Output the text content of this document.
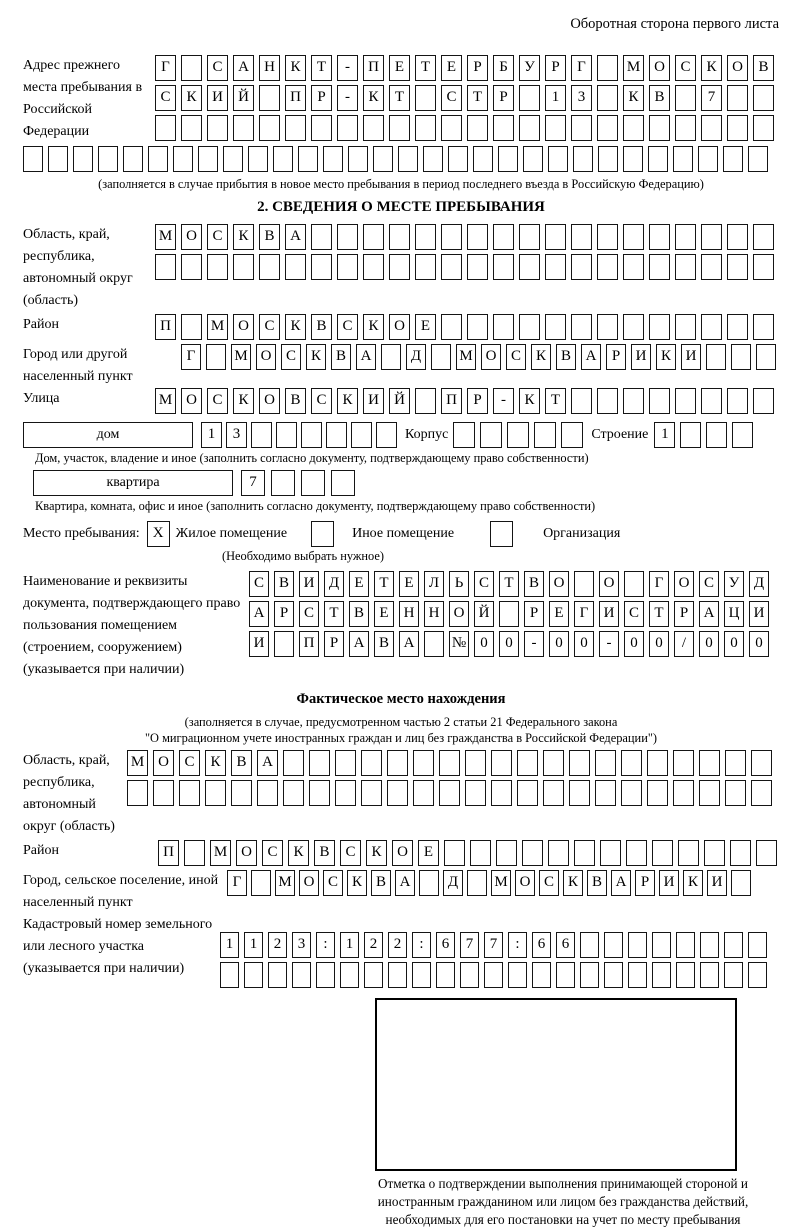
Оборотная сторона первого листа
Адрес прежнего места пребывания в Российской Федерации
Г	С	А	Н	К	Т	-	П	Е	Т	Е	Р	Б	У	Р	Г	М О	С	К	О	В
С	К	И	Й	П	Р	-	К	Т	С	Т	Р	1	3	К	В	7
(заполняется в случае прибытия в новое место пребывания в период последнего въезда в Российскую Федерацию)
2. СВЕДЕНИЯ О МЕСТЕ ПРЕБЫВАНИЯ
Область, край, республика, автономный округ (область)
М О	С	К	В	А
Район	П	М О	С	К	В	С	К	О	Е
Город или другой населенный пункт
Г	М О С К В А	Д	М О С К В А	Р	И К И
Улица	М О	С	К	О	В	С	К	И	Й	П	Р	-	К	Т
дом	1	3	Корпус	Строение 1
Дом, участок, владение и иное (заполнить согласно документу, подтверждающему право собственности)
квартира	7
Квартира, комната, офис и иное (заполнить согласно документу, подтверждающему право собственности)
Место пребывания: X Жилое помещение	Иное помещение	Организация
(Необходимо выбрать нужное)
Наименование и реквизиты документа, подтверждающего право пользования помещением (строением, сооружением) (указывается при наличии)
С В И Д	Е	Т	Е	Л	Ь	С	Т	В О	О	Г	О С У Д
А	Р	С	Т	В	Е	Н Н О Й	Р	Е	Г	И С	Т	Р	А Ц И
И	П	Р	А В А	№ 0	0	-	0	0	-	0	0	/	0	0	0
Фактическое место нахождения
(заполняется в случае, предусмотренном частью 2 статьи 21 Федерального закона
"О миграционном учете иностранных граждан и лиц без гражданства в Российской Федерации")
Область, край, республика, автономный округ (область)
М О	С	К	В	А
Район	П	М О	С	К	В	С	К	О	Е
Город, сельское поселение, иной населенный пункт
Г	М О С К В А	Д	М О С К В А Р И К И
Кадастровый номер земельного или лесного участка (указывается при наличии)
1	1	2	3	:	1	2	2	:	6	7	7	:	6	6
Отметка о подтверждении выполнения принимающей стороной и иностранным гражданином или лицом без гражданства действий, необходимых для его постановки на учет по месту пребывания
